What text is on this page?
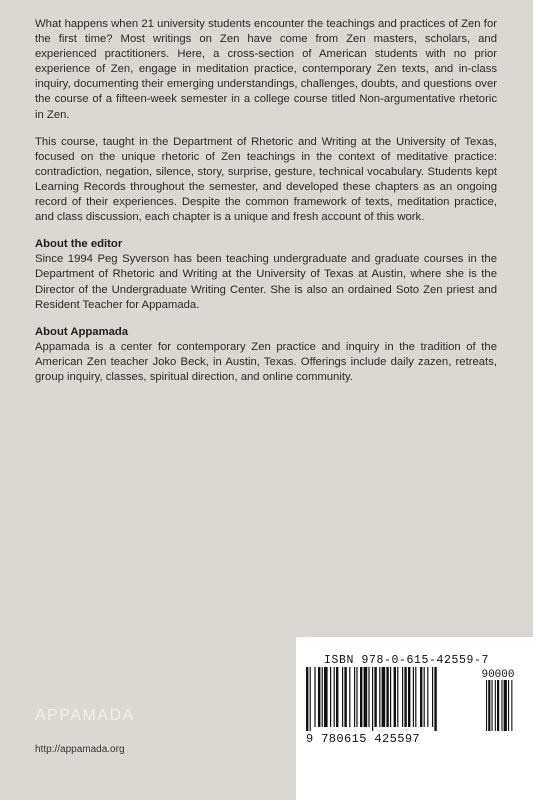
What happens when 21 university students encounter the teachings and practices of Zen for the first time? Most writings on Zen have come from Zen masters, scholars, and experienced practitioners. Here, a cross-section of American students with no prior experience of Zen, engage in meditation practice, contemporary Zen texts, and in-class inquiry, documenting their emerging understandings, challenges, doubts, and questions over the course of a fifteen-week semester in a college course titled Non-argumentative rhetoric in Zen.

This course, taught in the Department of Rhetoric and Writing at the University of Texas, focused on the unique rhetoric of Zen teachings in the context of meditative practice: contradiction, negation, silence, story, surprise, gesture, technical vocabulary. Students kept Learning Records throughout the semester, and developed these chapters as an ongoing record of their experiences. Despite the common framework of texts, meditation practice, and class discussion, each chapter is a unique and fresh account of this work.

About the editor
Since 1994 Peg Syverson has been teaching undergraduate and graduate courses in the Department of Rhetoric and Writing at the University of Texas at Austin, where she is the Director of the Undergraduate Writing Center. She is also an ordained Soto Zen priest and Resident Teacher for Appamada.
About Appamada
Appamada is a center for contemporary Zen practice and inquiry in the tradition of the American Zen teacher Joko Beck, in Austin, Texas. Offerings include daily zazen, retreats, group inquiry, classes, spiritual direction, and online community.
ISBN 978-0-615-42559-7
90000
9 780615 425597
APPAMADA
http://appamada.org
